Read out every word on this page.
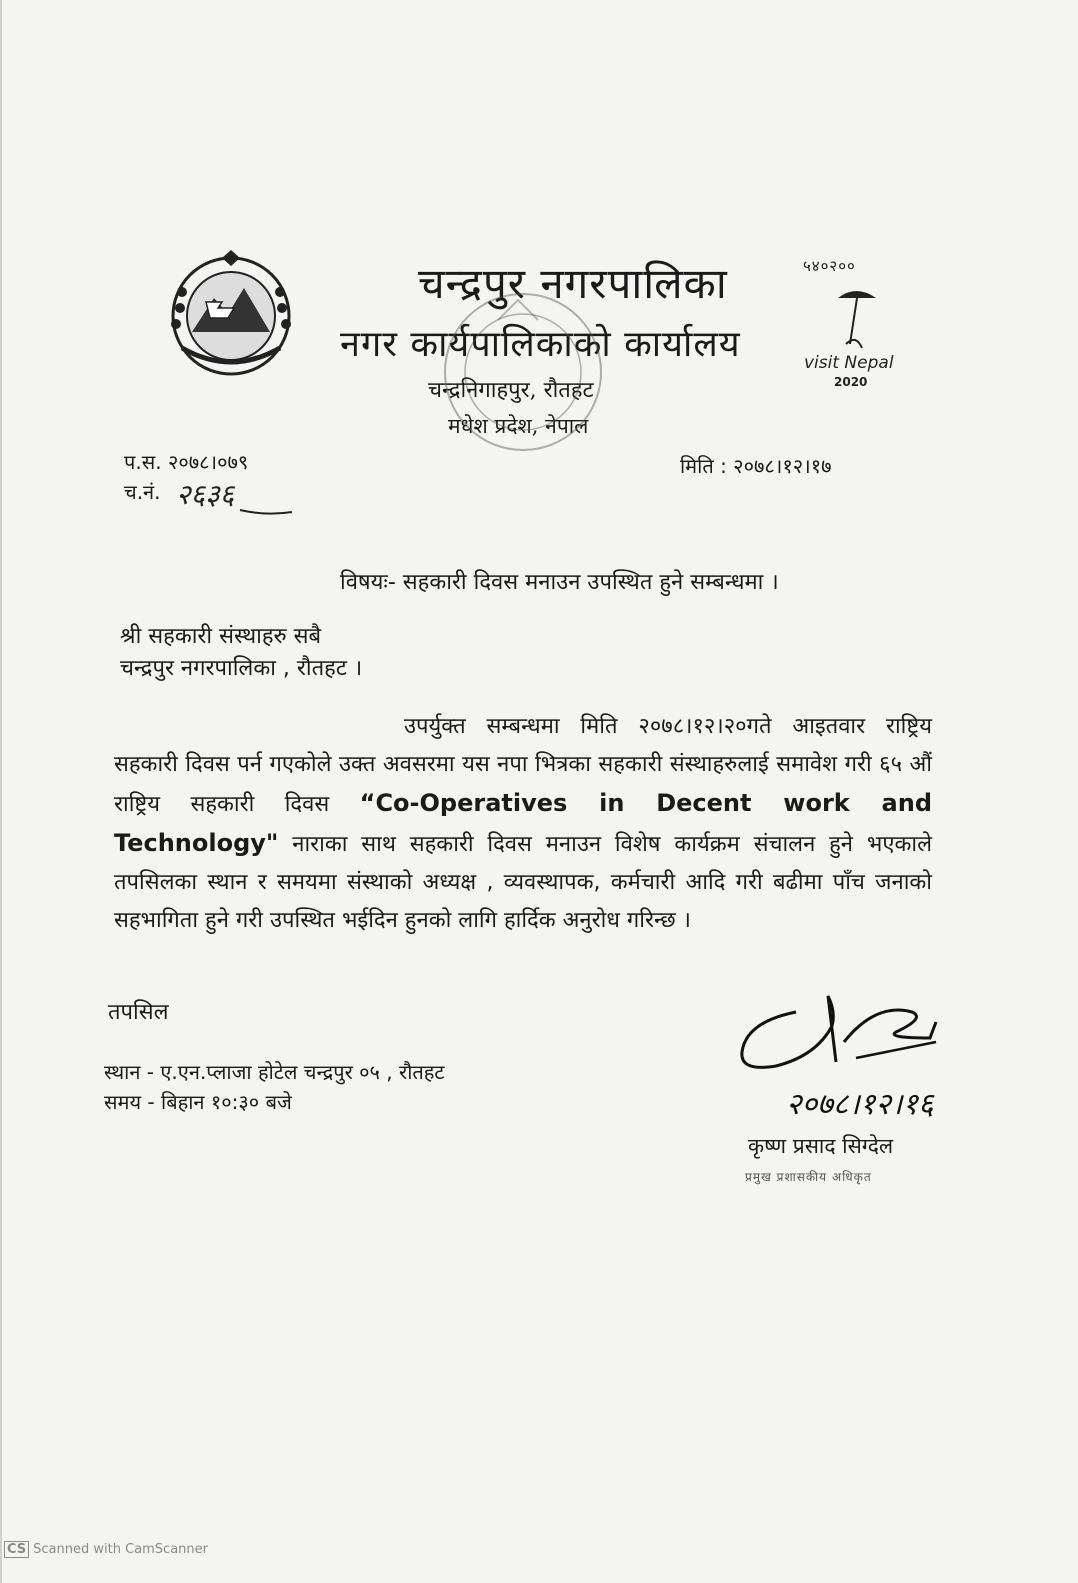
चन्द्रपुर नगरपालिका
नगर कार्यपालिकाको कार्यालय
चन्द्रनिगाहपुर, रौतहट
मधेश प्रदेश, नेपाल
५४०२००
visit Nepal
2020
प.स. २०७८।०७९
च.नं. २६३६
मिति : २०७८।१२।१७
विषयः- सहकारी दिवस मनाउन उपस्थित हुने सम्बन्धमा ।
श्री सहकारी संस्थाहरु सबै
चन्द्रपुर नगरपालिका , रौतहट ।
उपर्युक्त सम्बन्धमा मिति २०७८।१२।२०गते आइतवार राष्ट्रिय सहकारी दिवस पर्न गएकोले उक्त अवसरमा यस नपा भित्रका सहकारी संस्थाहरुलाई समावेश गरी ६५ औं राष्ट्रिय सहकारी दिवस “Co-Operatives in Decent work and Technology" नाराका साथ सहकारी दिवस मनाउन विशेष कार्यक्रम संचालन हुने भएकाले तपसिलका स्थान र समयमा संस्थाको अध्यक्ष , व्यवस्थापक, कर्मचारी आदि गरी बढीमा पाँच जनाको सहभागिता हुने गरी उपस्थित भईदिन हुनको लागि हार्दिक अनुरोध गरिन्छ ।
तपसिल
स्थान - ए.एन.प्लाजा होटेल चन्द्रपुर ०५ , रौतहट
समय - बिहान १०:३० बजे	२०७८।१२।१६
कृष्ण प्रसाद सिग्देल
प्रमुख प्रशासकीय अधिकृत
CS Scanned with CamScanner
